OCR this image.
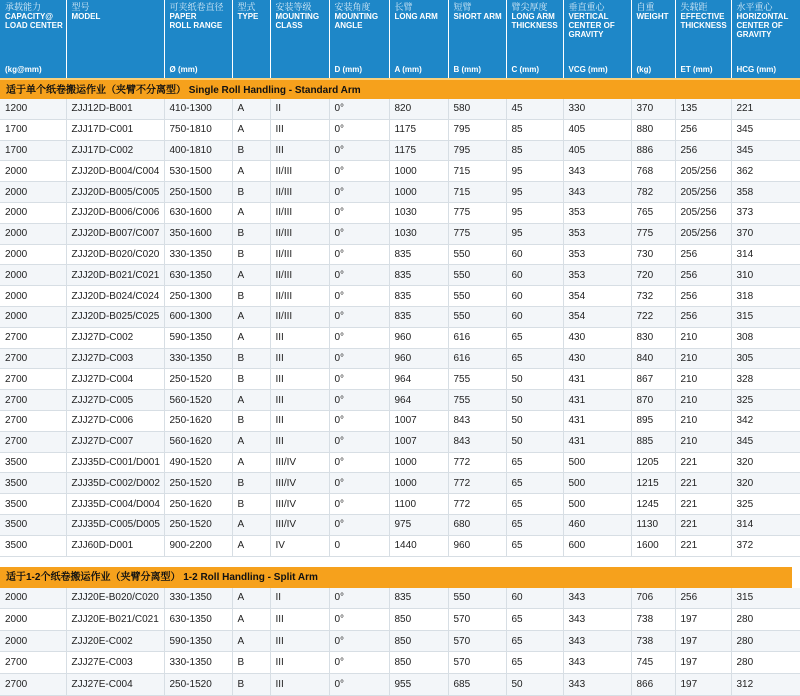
承载能力
CAPACITY@
LOAD CENTER	型号
MODEL	可夹纸卷直径
PAPER
ROLL RANGE	型式
TYPE	安装等级
MOUNTING
CLASS	安装角度
MOUNTING
ANGLE	长臂
LONG ARM	短臂
SHORT ARM	臂尖厚度
LONG ARM
THICKNESS	垂直重心
VERTICAL
CENTER OF
GRAVITY	自重
WEIGHT	失载距
EFFECTIVE
THICKNESS	水平重心
HORIZONTAL
CENTER OF
GRAVITY

(kg@mm)		Ø (mm)			D (mm)	A (mm)	B (mm)	C (mm)	VCG (mm)	(kg)	ET (mm)	HCG (mm)
适于单个纸卷搬运作业（夹臂不分离型） Single Roll Handling - Standard Arm
1200	ZJJ12D-B001	410-1300	A	II	0°	820	580	45	330	370	135	221
1700	ZJJ17D-C001	750-1810	A	III	0°	1175	795	85	405	880	256	345
1700	ZJJ17D-C002	400-1810	B	III	0°	1175	795	85	405	886	256	345
2000	ZJJ20D-B004/C004	530-1500	A	II/III	0°	1000	715	95	343	768	205/256	362
2000	ZJJ20D-B005/C005	250-1500	B	II/III	0°	1000	715	95	343	782	205/256	358
2000	ZJJ20D-B006/C006	630-1600	A	II/III	0°	1030	775	95	353	765	205/256	373
2000	ZJJ20D-B007/C007	350-1600	B	II/III	0°	1030	775	95	353	775	205/256	370
2000	ZJJ20D-B020/C020	330-1350	B	II/III	0°	835	550	60	353	730	256	314
2000	ZJJ20D-B021/C021	630-1350	A	II/III	0°	835	550	60	353	720	256	310
2000	ZJJ20D-B024/C024	250-1300	B	II/III	0°	835	550	60	354	732	256	318
2000	ZJJ20D-B025/C025	600-1300	A	II/III	0°	835	550	60	354	722	256	315
2700	ZJJ27D-C002	590-1350	A	III	0°	960	616	65	430	830	210	308
2700	ZJJ27D-C003	330-1350	B	III	0°	960	616	65	430	840	210	305
2700	ZJJ27D-C004	250-1520	B	III	0°	964	755	50	431	867	210	328
2700	ZJJ27D-C005	560-1520	A	III	0°	964	755	50	431	870	210	325
2700	ZJJ27D-C006	250-1620	B	III	0°	1007	843	50	431	895	210	342
2700	ZJJ27D-C007	560-1620	A	III	0°	1007	843	50	431	885	210	345
3500	ZJJ35D-C001/D001	490-1520	A	III/IV	0°	1000	772	65	500	1205	221	320
3500	ZJJ35D-C002/D002	250-1520	B	III/IV	0°	1000	772	65	500	1215	221	320
3500	ZJJ35D-C004/D004	250-1620	B	III/IV	0°	1100	772	65	500	1245	221	325
3500	ZJJ35D-C005/D005	250-1520	A	III/IV	0°	975	680	65	460	1130	221	314
3500	ZJJ60D-D001	900-2200	A	IV	0	1440	960	65	600	1600	221	372
适于1-2个纸卷搬运作业（夹臂分离型） 1-2 Roll Handling - Split Arm
2000	ZJJ20E-B020/C020	330-1350	A	II	0°	835	550	60	343	706	256	315
2000	ZJJ20E-B021/C021	630-1350	A	III	0°	850	570	65	343	738	197	280
2000	ZJJ20E-C002	590-1350	A	III	0°	850	570	65	343	738	197	280
2700	ZJJ27E-C003	330-1350	B	III	0°	850	570	65	343	745	197	280
2700	ZJJ27E-C004	250-1520	B	III	0°	955	685	50	343	866	197	312
